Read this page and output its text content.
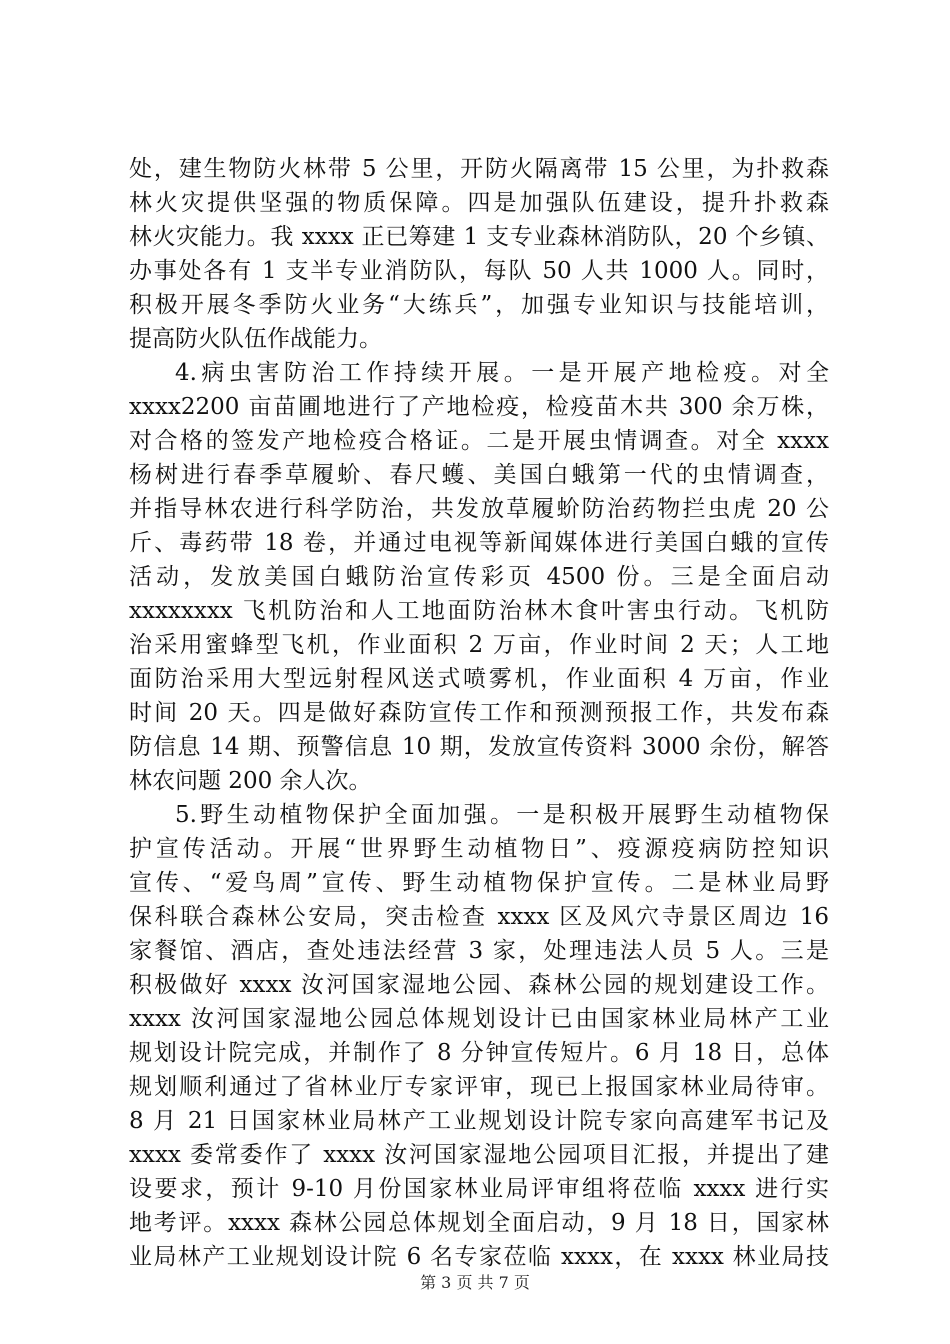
处，建生物防火林带 5 公里，开防火隔离带 15 公里，为扑救森
林火灾提供坚强的物质保障。四是加强队伍建设，提升扑救森
林火灾能力。我 xxxx 正已筹建 1 支专业森林消防队，20 个乡镇、
办事处各有 1 支半专业消防队，每队 50 人共 1000 人。同时，
积极开展冬季防火业务“大练兵”，加强专业知识与技能培训，
提高防火队伍作战能力。
4.病虫害防治工作持续开展。一是开展产地检疫。对全
xxxx2200 亩苗圃地进行了产地检疫，检疫苗木共 300 余万株，
对合格的签发产地检疫合格证。二是开展虫情调查。对全 xxxx
杨树进行春季草履蚧、春尺蠖、美国白蛾第一代的虫情调查，
并指导林农进行科学防治，共发放草履蚧防治药物拦虫虎 20 公
斤、毒药带 18 卷，并通过电视等新闻媒体进行美国白蛾的宣传
活动，发放美国白蛾防治宣传彩页 4500 份。三是全面启动
xxxxxxxx 飞机防治和人工地面防治林木食叶害虫行动。飞机防
治采用蜜蜂型飞机，作业面积 2 万亩，作业时间 2 天；人工地
面防治采用大型远射程风送式喷雾机，作业面积 4 万亩，作业
时间 20 天。四是做好森防宣传工作和预测预报工作，共发布森
防信息 14 期、预警信息 10 期，发放宣传资料 3000 余份，解答
林农问题 200 余人次。
5.野生动植物保护全面加强。一是积极开展野生动植物保
护宣传活动。开展“世界野生动植物日”、疫源疫病防控知识
宣传、“爱鸟周”宣传、野生动植物保护宣传。二是林业局野
保科联合森林公安局，突击检查 xxxx 区及风穴寺景区周边 16
家餐馆、酒店，查处违法经营 3 家，处理违法人员 5 人。三是
积极做好 xxxx 汝河国家湿地公园、森林公园的规划建设工作。
xxxx 汝河国家湿地公园总体规划设计已由国家林业局林产工业
规划设计院完成，并制作了 8 分钟宣传短片。6 月 18 日，总体
规划顺利通过了省林业厅专家评审，现已上报国家林业局待审。
8 月 21 日国家林业局林产工业规划设计院专家向高建军书记及
xxxx 委常委作了 xxxx 汝河国家湿地公园项目汇报，并提出了建
设要求，预计 9-10 月份国家林业局评审组将莅临 xxxx 进行实
地考评。xxxx 森林公园总体规划全面启动，9 月 18 日，国家林
业局林产工业规划设计院 6 名专家莅临 xxxx，在 xxxx 林业局技
第 3 页 共 7 页
